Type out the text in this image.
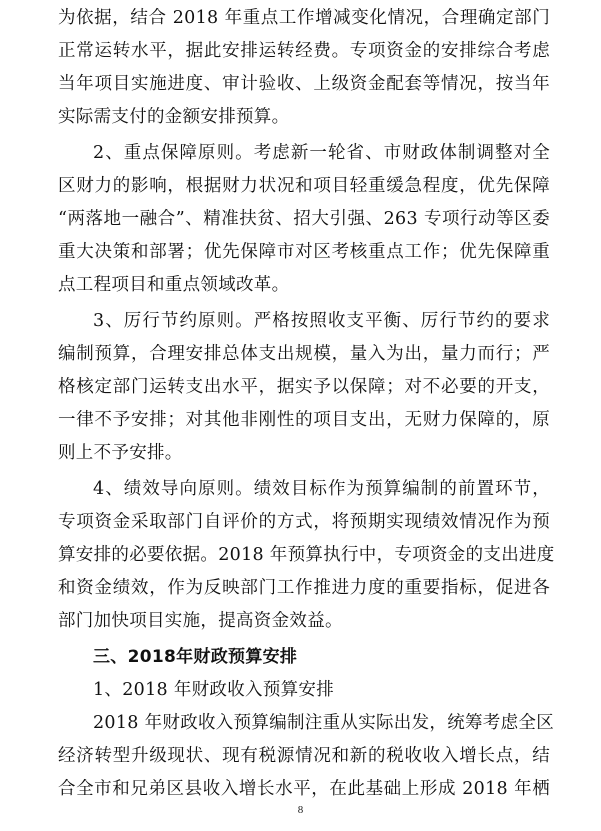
为依据，结合 2018 年重点工作增减变化情况，合理确定部门
正常运转水平，据此安排运转经费。专项资金的安排综合考虑
当年项目实施进度、审计验收、上级资金配套等情况，按当年
实际需支付的金额安排预算。
2、重点保障原则。考虑新一轮省、市财政体制调整对全
区财力的影响，根据财力状况和项目轻重缓急程度，优先保障
“两落地一融合”、精准扶贫、招大引强、263 专项行动等区委
重大决策和部署；优先保障市对区考核重点工作；优先保障重
点工程项目和重点领域改革。
3、厉行节约原则。严格按照收支平衡、厉行节约的要求
编制预算，合理安排总体支出规模，量入为出，量力而行；严
格核定部门运转支出水平，据实予以保障；对不必要的开支，
一律不予安排；对其他非刚性的项目支出，无财力保障的，原
则上不予安排。
4、绩效导向原则。绩效目标作为预算编制的前置环节，
专项资金采取部门自评价的方式，将预期实现绩效情况作为预
算安排的必要依据。2018 年预算执行中，专项资金的支出进度
和资金绩效，作为反映部门工作推进力度的重要指标，促进各
部门加快项目实施，提高资金效益。
三、2018年财政预算安排
1、2018 年财政收入预算安排
2018 年财政收入预算编制注重从实际出发，统筹考虑全区
经济转型升级现状、现有税源情况和新的税收收入增长点，结
合全市和兄弟区县收入增长水平，在此基础上形成 2018 年栖
8
